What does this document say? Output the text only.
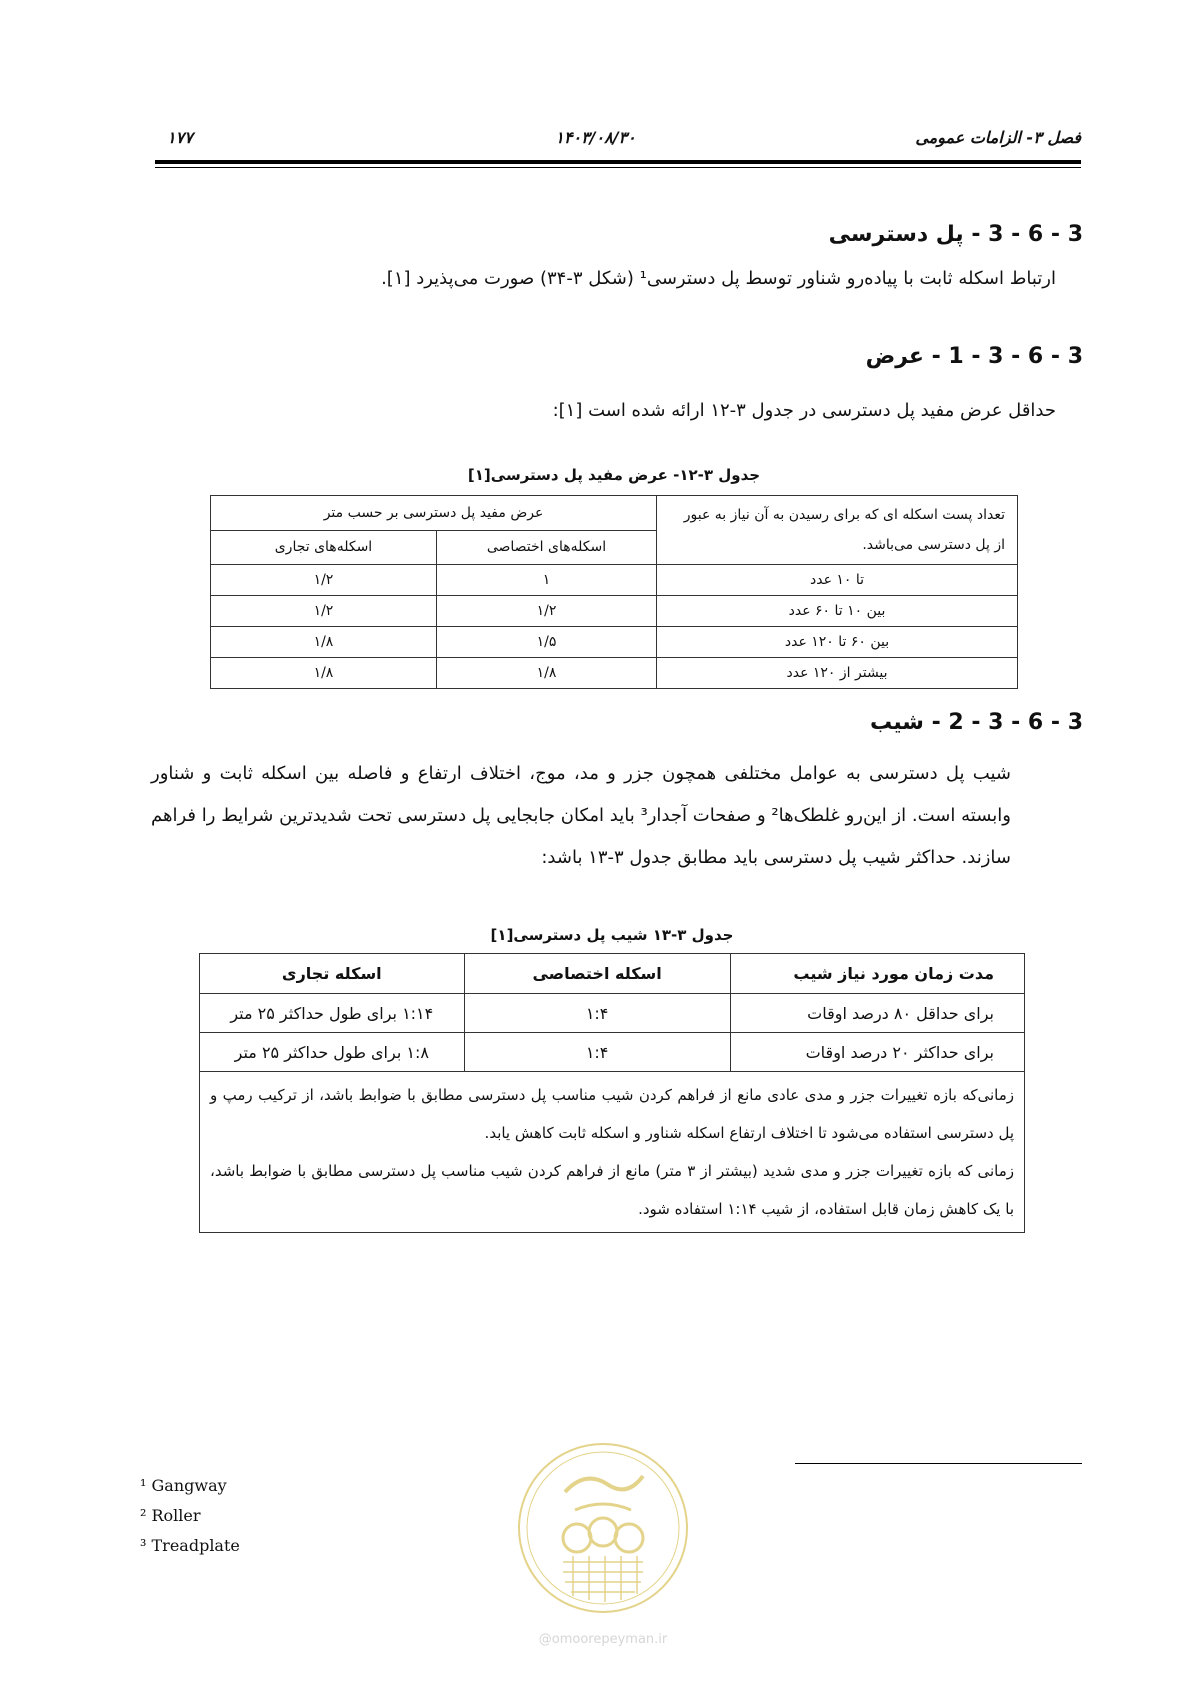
فصل ۳- الزامات عمومی
۱۴۰۳/۰۸/۳۰
۱۷۷
3 - 6 - 3 - پل دسترسی
ارتباط اسکله ثابت با پیاده‌رو شناور توسط پل دسترسی¹ (شکل ۳-۳۴) صورت می‌پذیرد [۱].
3 - 6 - 3 - 1 - عرض
حداقل عرض مفید پل دسترسی در جدول ۳-۱۲ ارائه شده است [۱]:
جدول ۳-۱۲- عرض مفید پل دسترسی[۱]
تعداد پست اسکله ای که برای رسیدن به آن نیاز به عبور از پل دسترسی می‌باشد.	عرض مفید پل دسترسی بر حسب متر	
	اسکله‌های اختصاصی	اسکله‌های تجاری
تا ۱۰ عدد	۱	۱/۲
بین ۱۰ تا ۶۰ عدد	۱/۲	۱/۲
بین ۶۰ تا ۱۲۰ عدد	۱/۵	۱/۸
بیشتر از ۱۲۰ عدد	۱/۸	۱/۸
3 - 6 - 3 - 2 - شیب
شیب پل دسترسی به عوامل مختلفی همچون جزر و مد، موج، اختلاف ارتفاع و فاصله بین اسکله ثابت و شناور وابسته است. از این‌رو غلطک‌ها² و صفحات آجدار³ باید امکان جابجایی پل دسترسی تحت شدیدترین شرایط را فراهم سازند. حداکثر شیب پل دسترسی باید مطابق جدول ۳-۱۳ باشد:
جدول ۳-۱۳ شیب پل دسترسی[۱]
مدت زمان مورد نیاز شیب	اسکله اختصاصی	اسکله تجاری
برای حداقل ۸۰ درصد اوقات	۱:۴	۱:۱۴ برای طول حداکثر ۲۵ متر
برای حداکثر ۲۰ درصد اوقات	۱:۴	۱:۸ برای طول حداکثر ۲۵ متر

زمانی‌که بازه تغییرات جزر و مدی عادی مانع از فراهم کردن شیب مناسب پل دسترسی مطابق با ضوابط باشد، از ترکیب رمپ و پل دسترسی استفاده می‌شود تا اختلاف ارتفاع اسکله شناور و اسکله ثابت کاهش یابد.
زمانی که بازه تغییرات جزر و مدی شدید (بیشتر از ۳ متر) مانع از فراهم کردن شیب مناسب پل دسترسی مطابق با ضوابط باشد، با یک کاهش زمان قابل استفاده، از شیب ۱:۱۴ استفاده شود.		
¹ Gangway
² Roller
³ Treadplate
@omoorepeyman.ir
